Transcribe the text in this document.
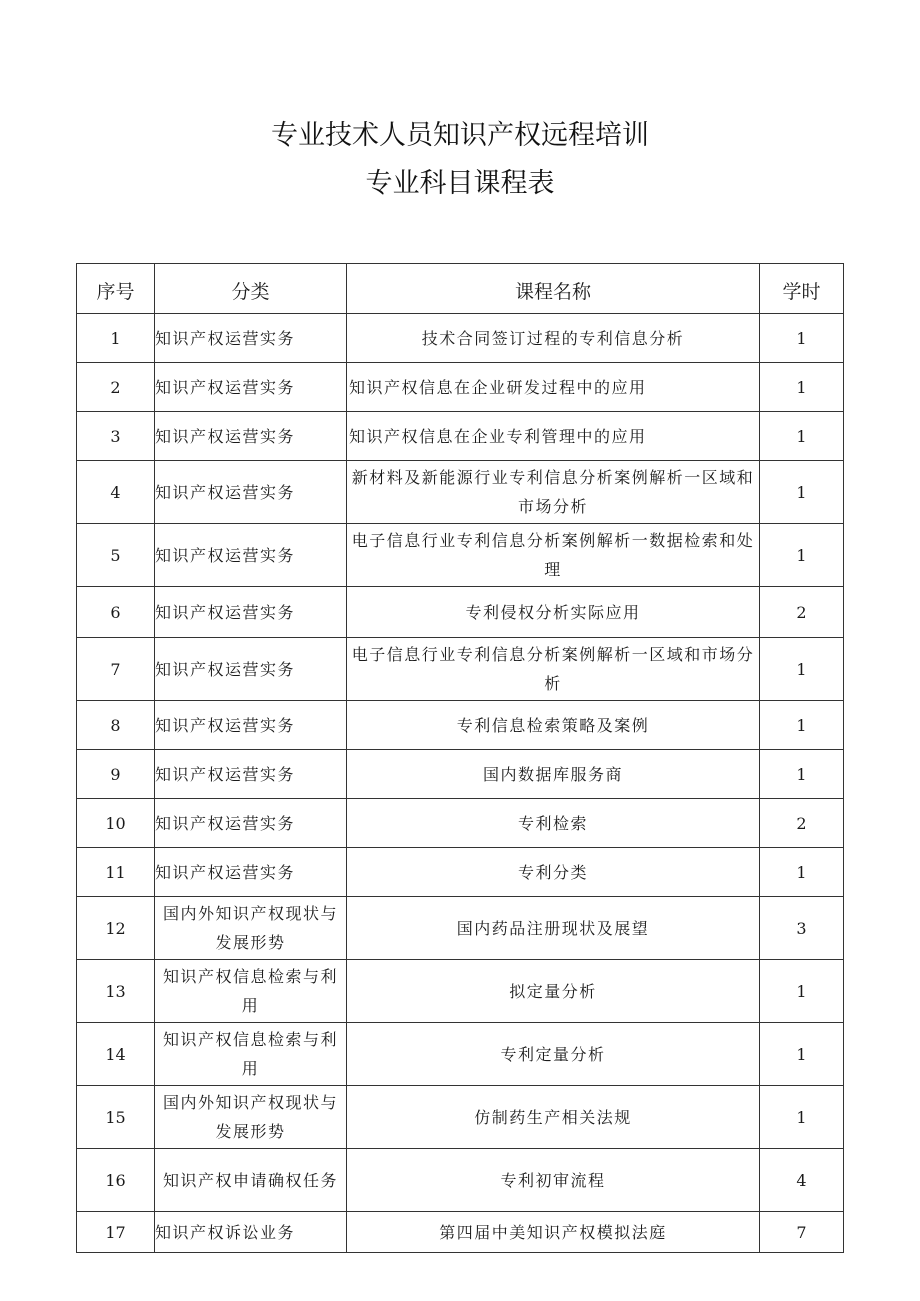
专业技术人员知识产权远程培训
专业科目课程表
序号	分类	课程名称	学时
1	知识产权运营实务	技术合同签订过程的专利信息分析	1
2	知识产权运营实务	知识产权信息在企业研发过程中的应用	1
3	知识产权运营实务	知识产权信息在企业专利管理中的应用	1
4	知识产权运营实务	新材料及新能源行业专利信息分析案例解析一区域和市场分析	1
5	知识产权运营实务	电子信息行业专利信息分析案例解析一数据检索和处理	1
6	知识产权运营实务	专利侵权分析实际应用	2
7	知识产权运营实务	电子信息行业专利信息分析案例解析一区域和市场分析	1
8	知识产权运营实务	专利信息检索策略及案例	1
9	知识产权运营实务	国内数据库服务商	1
10	知识产权运营实务	专利检索	2
11	知识产权运营实务	专利分类	1
12	国内外知识产权现状与发展形势	国内药品注册现状及展望	3
13	知识产权信息检索与利用	拟定量分析	1
14	知识产权信息检索与利用	专利定量分析	1
15	国内外知识产权现状与发展形势	仿制药生产相关法规	1
16	知识产权申请确权任务	专利初审流程	4
17	知识产权诉讼业务	第四届中美知识产权模拟法庭	7
